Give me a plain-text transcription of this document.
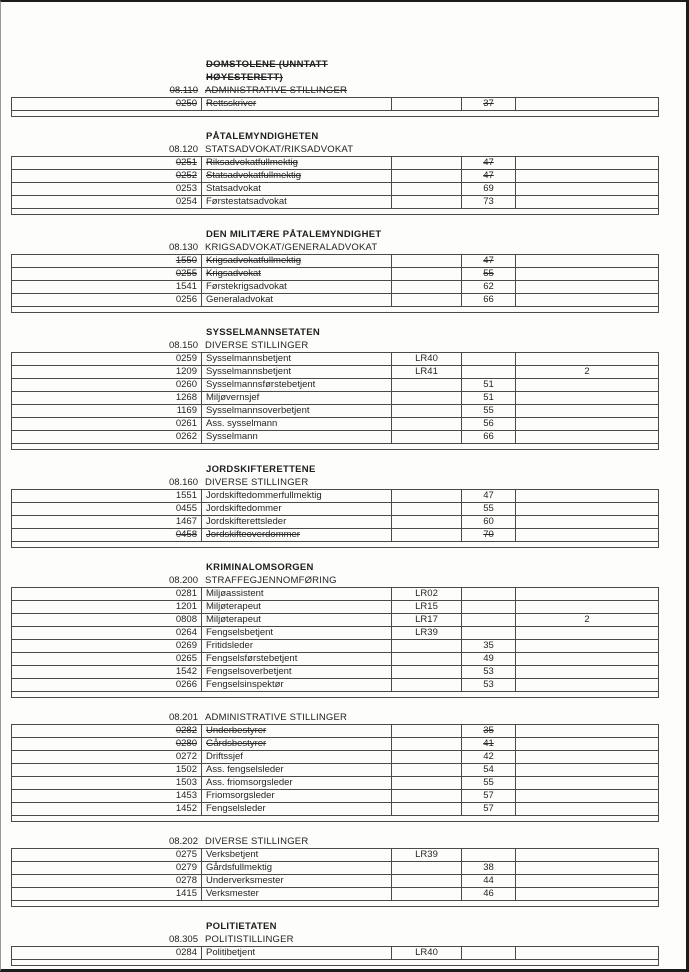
DOMSTOLENE (UNNTATT
HØYESTERETT)
08.110 ADMINISTRATIVE STILLINGER
0250 Rettsskriver	37
PÅTALEMYNDIGHETEN
08.120 STATSADVOKAT/RIKSADVOKAT
0251 Riksadvokatfullmektig	47
0252 Statsadvokatfullmektig	47
0253 Statsadvokat	69
0254 Førstestatsadvokat	73
DEN MILITÆRE PÅTALEMYNDIGHET
08.130 KRIGSADVOKAT/GENERALADVOKAT
1550 Krigsadvokatfullmektig	47
0255 Krigsadvokat	55
1541 Førstekrigsadvokat	62
0256 Generaladvokat	66
SYSSELMANNSETATEN
08.150 DIVERSE STILLINGER
0259 Sysselmannsbetjent	LR40
1209 Sysselmannsbetjent	LR41	2
0260 Sysselmannsførstebetjent	51
1268 Miljøvernsjef	51
1169 Sysselmannsoverbetjent	55
0261 Ass. sysselmann	56
0262 Sysselmann	66
JORDSKIFTERETTENE
08.160 DIVERSE STILLINGER
1551 Jordskiftedommerfullmektig	47
0455 Jordskiftedommer	55
1467 Jordskifterettsleder	60
0458 Jordskifteoverdommer	70
KRIMINALOMSORGEN
08.200 STRAFFEGJENNOMFØRING
0281 Miljøassistent	LR02
1201 Miljøterapeut	LR15
0808 Miljøterapeut	LR17	2
0264 Fengselsbetjent	LR39
0269 Fritidsleder	35
0265 Fengselsførstebetjent	49
1542 Fengselsoverbetjent	53
0266 Fengselsinspektør	53
08.201 ADMINISTRATIVE STILLINGER
0282 Underbestyrer	35
0280 Gårdsbestyrer	41
0272 Driftssjef	42
1502 Ass. fengselsleder	54
1503 Ass. friomsorgsleder	55
1453 Friomsorgsleder	57
1452 Fengselsleder	57
08.202 DIVERSE STILLINGER
0275 Verksbetjent	LR39
0279 Gårdsfullmektig	38
0278 Underverksmester	44
1415 Verksmester	46
POLITIETATEN
08.305 POLITISTILLINGER
0284 Politibetjent	LR40
